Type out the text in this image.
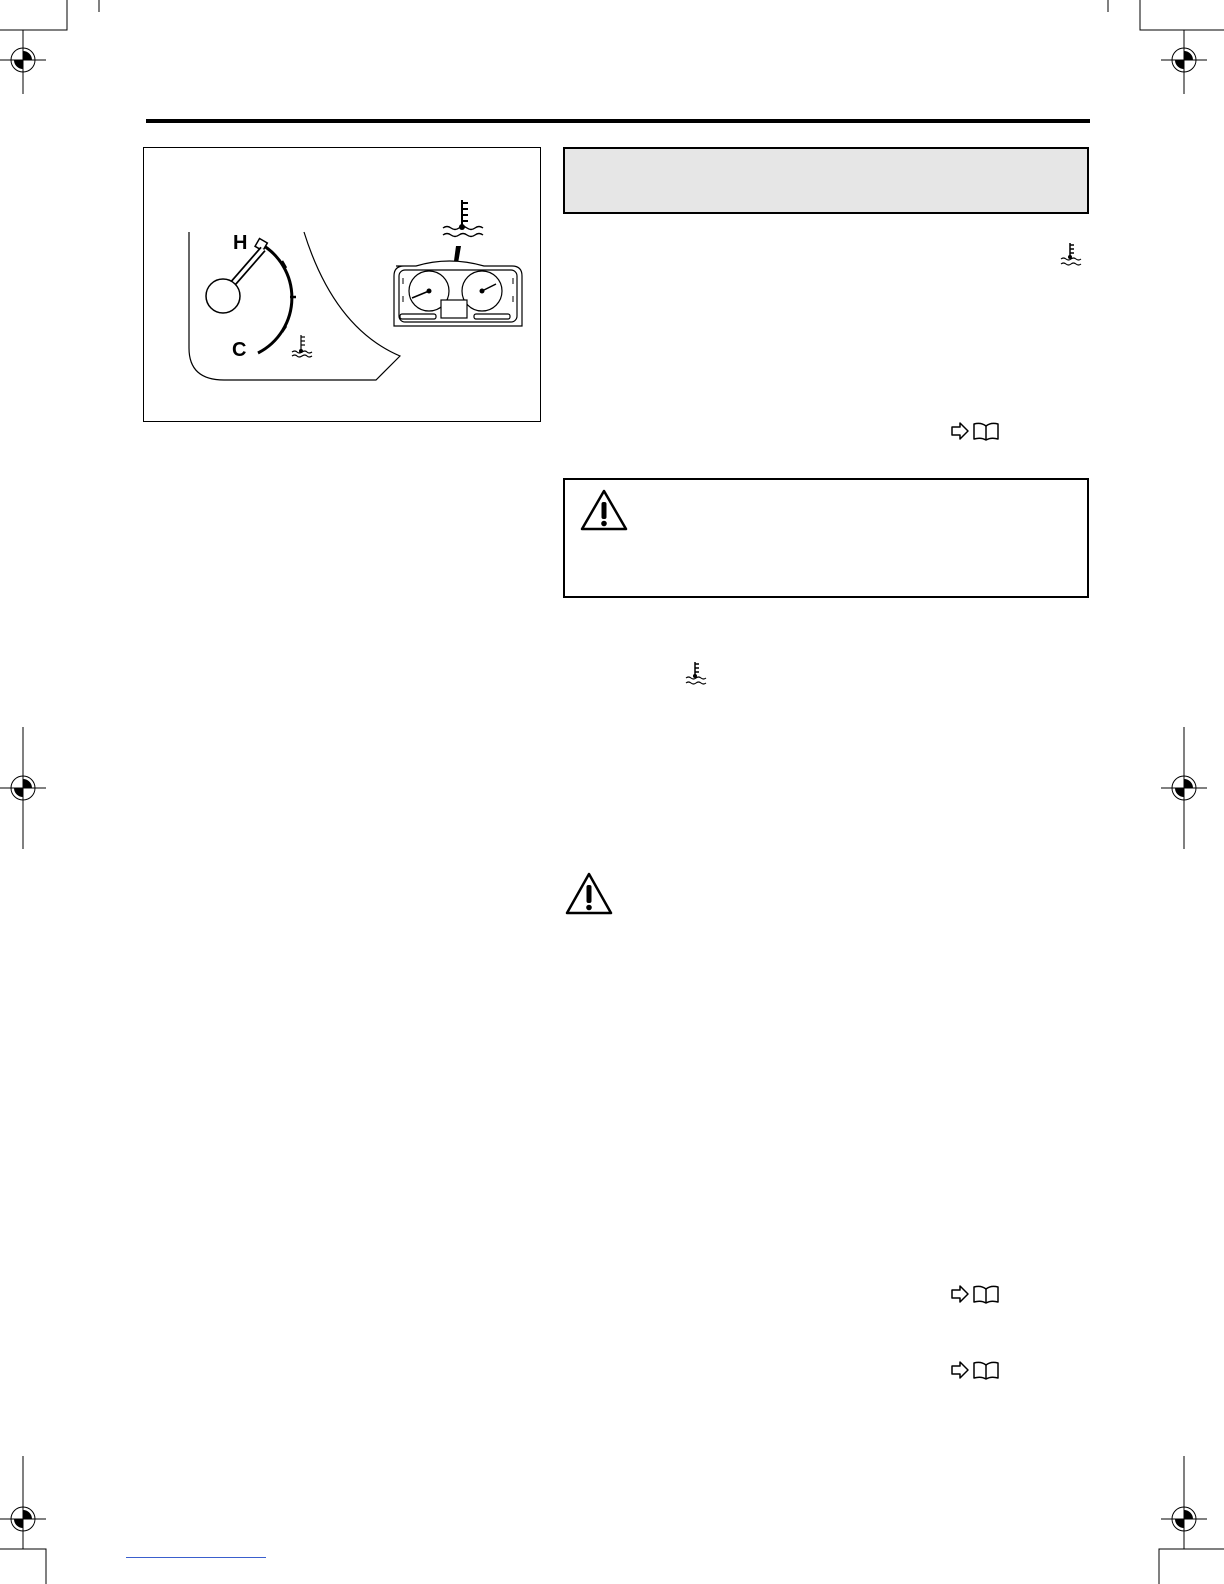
H
C
